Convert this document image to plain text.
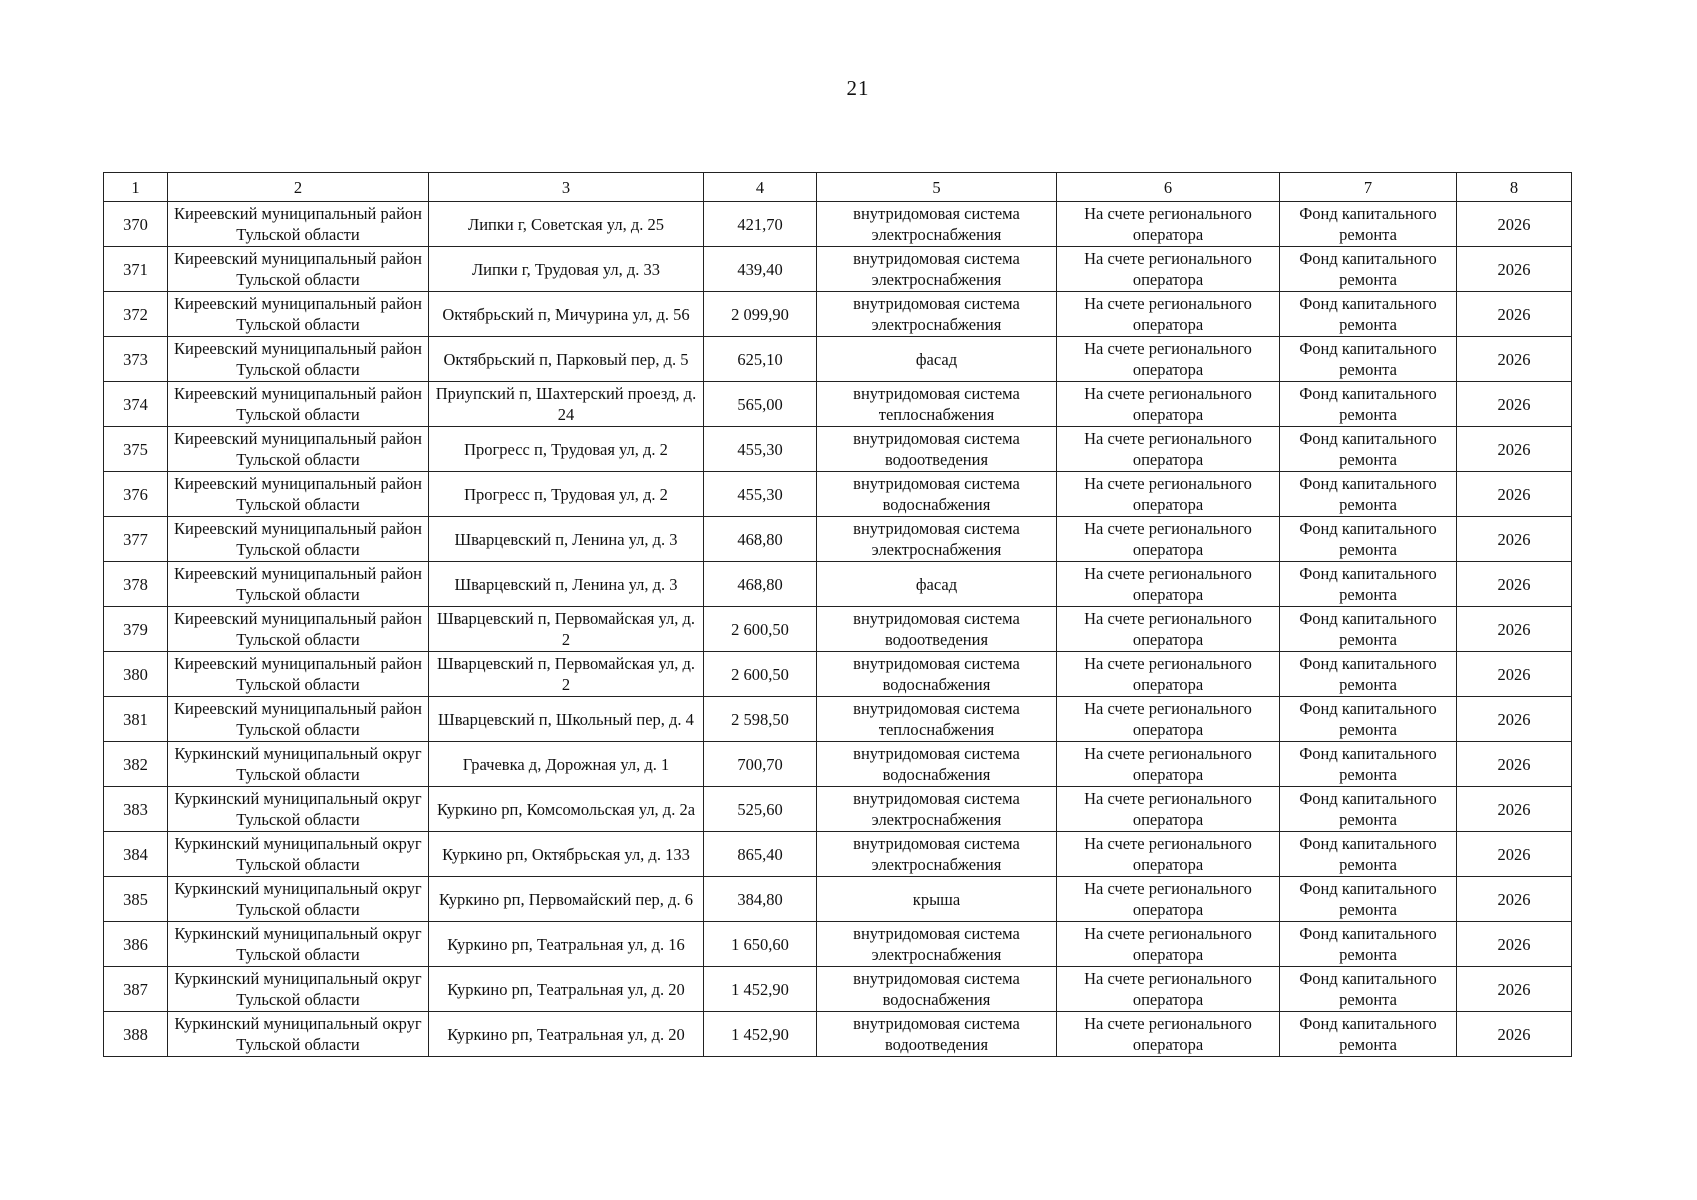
21
1	2	3	4	5	6	7	8
370	Киреевский муниципальный район Тульской области	Липки г, Советская ул, д. 25	421,70	внутридомовая система электроснабжения	На счете регионального оператора	Фонд капитального ремонта	2026
371	Киреевский муниципальный район Тульской области	Липки г, Трудовая ул, д. 33	439,40	внутридомовая система электроснабжения	На счете регионального оператора	Фонд капитального ремонта	2026
372	Киреевский муниципальный район Тульской области	Октябрьский п, Мичурина ул, д. 56	2 099,90	внутридомовая система электроснабжения	На счете регионального оператора	Фонд капитального ремонта	2026
373	Киреевский муниципальный район Тульской области	Октябрьский п, Парковый пер, д. 5	625,10	фасад	На счете регионального оператора	Фонд капитального ремонта	2026
374	Киреевский муниципальный район Тульской области	Приупский п, Шахтерский проезд, д. 24	565,00	внутридомовая система теплоснабжения	На счете регионального оператора	Фонд капитального ремонта	2026
375	Киреевский муниципальный район Тульской области	Прогресс п, Трудовая ул, д. 2	455,30	внутридомовая система водоотведения	На счете регионального оператора	Фонд капитального ремонта	2026
376	Киреевский муниципальный район Тульской области	Прогресс п, Трудовая ул, д. 2	455,30	внутридомовая система водоснабжения	На счете регионального оператора	Фонд капитального ремонта	2026
377	Киреевский муниципальный район Тульской области	Шварцевский п, Ленина ул, д. 3	468,80	внутридомовая система электроснабжения	На счете регионального оператора	Фонд капитального ремонта	2026
378	Киреевский муниципальный район Тульской области	Шварцевский п, Ленина ул, д. 3	468,80	фасад	На счете регионального оператора	Фонд капитального ремонта	2026
379	Киреевский муниципальный район Тульской области	Шварцевский п, Первомайская ул, д. 2	2 600,50	внутридомовая система водоотведения	На счете регионального оператора	Фонд капитального ремонта	2026
380	Киреевский муниципальный район Тульской области	Шварцевский п, Первомайская ул, д. 2	2 600,50	внутридомовая система водоснабжения	На счете регионального оператора	Фонд капитального ремонта	2026
381	Киреевский муниципальный район Тульской области	Шварцевский п, Школьный пер, д. 4	2 598,50	внутридомовая система теплоснабжения	На счете регионального оператора	Фонд капитального ремонта	2026
382	Куркинский муниципальный округ Тульской области	Грачевка д, Дорожная ул, д. 1	700,70	внутридомовая система водоснабжения	На счете регионального оператора	Фонд капитального ремонта	2026
383	Куркинский муниципальный округ Тульской области	Куркино рп, Комсомольская ул, д. 2а	525,60	внутридомовая система электроснабжения	На счете регионального оператора	Фонд капитального ремонта	2026
384	Куркинский муниципальный округ Тульской области	Куркино рп, Октябрьская ул, д. 133	865,40	внутридомовая система электроснабжения	На счете регионального оператора	Фонд капитального ремонта	2026
385	Куркинский муниципальный округ Тульской области	Куркино рп, Первомайский пер, д. 6	384,80	крыша	На счете регионального оператора	Фонд капитального ремонта	2026
386	Куркинский муниципальный округ Тульской области	Куркино рп, Театральная ул, д. 16	1 650,60	внутридомовая система электроснабжения	На счете регионального оператора	Фонд капитального ремонта	2026
387	Куркинский муниципальный округ Тульской области	Куркино рп, Театральная ул, д. 20	1 452,90	внутридомовая система водоснабжения	На счете регионального оператора	Фонд капитального ремонта	2026
388	Куркинский муниципальный округ Тульской области	Куркино рп, Театральная ул, д. 20	1 452,90	внутридомовая система водоотведения	На счете регионального оператора	Фонд капитального ремонта	2026
